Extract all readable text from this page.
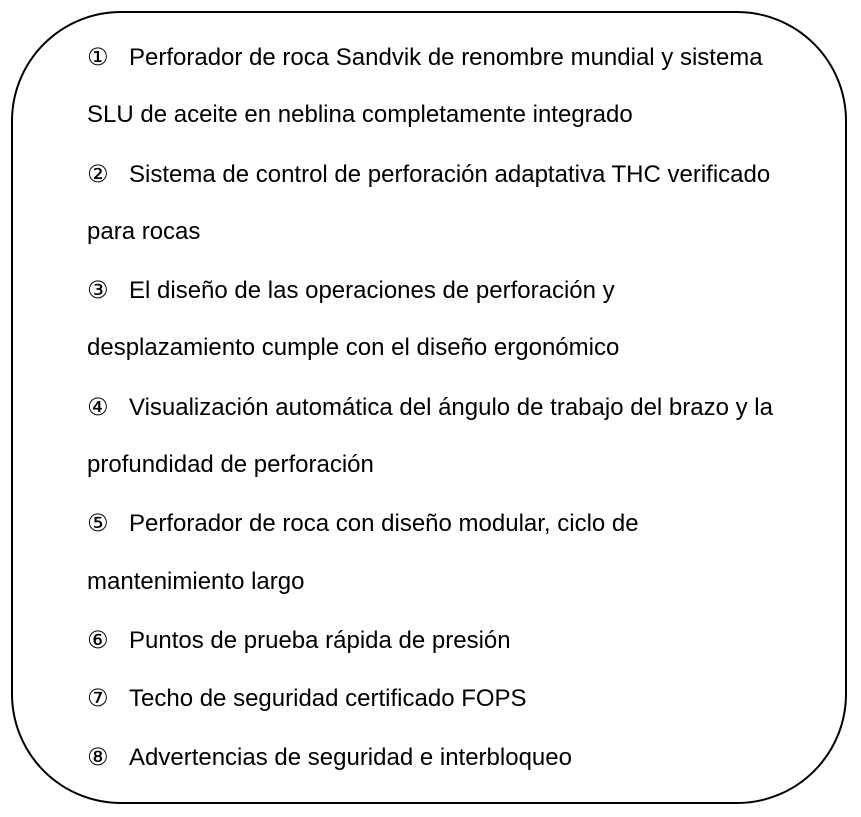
① Perforador de roca Sandvik de renombre mundial y sistema
SLU de aceite en neblina completamente integrado
② Sistema de control de perforación adaptativa THC verificado
para rocas
③ El diseño de las operaciones de perforación y
desplazamiento cumple con el diseño ergonómico
④ Visualización automática del ángulo de trabajo del brazo y la
profundidad de perforación
⑤ Perforador de roca con diseño modular, ciclo de
mantenimiento largo
⑥ Puntos de prueba rápida de presión
⑦ Techo de seguridad certificado FOPS
⑧ Advertencias de seguridad e interbloqueo
